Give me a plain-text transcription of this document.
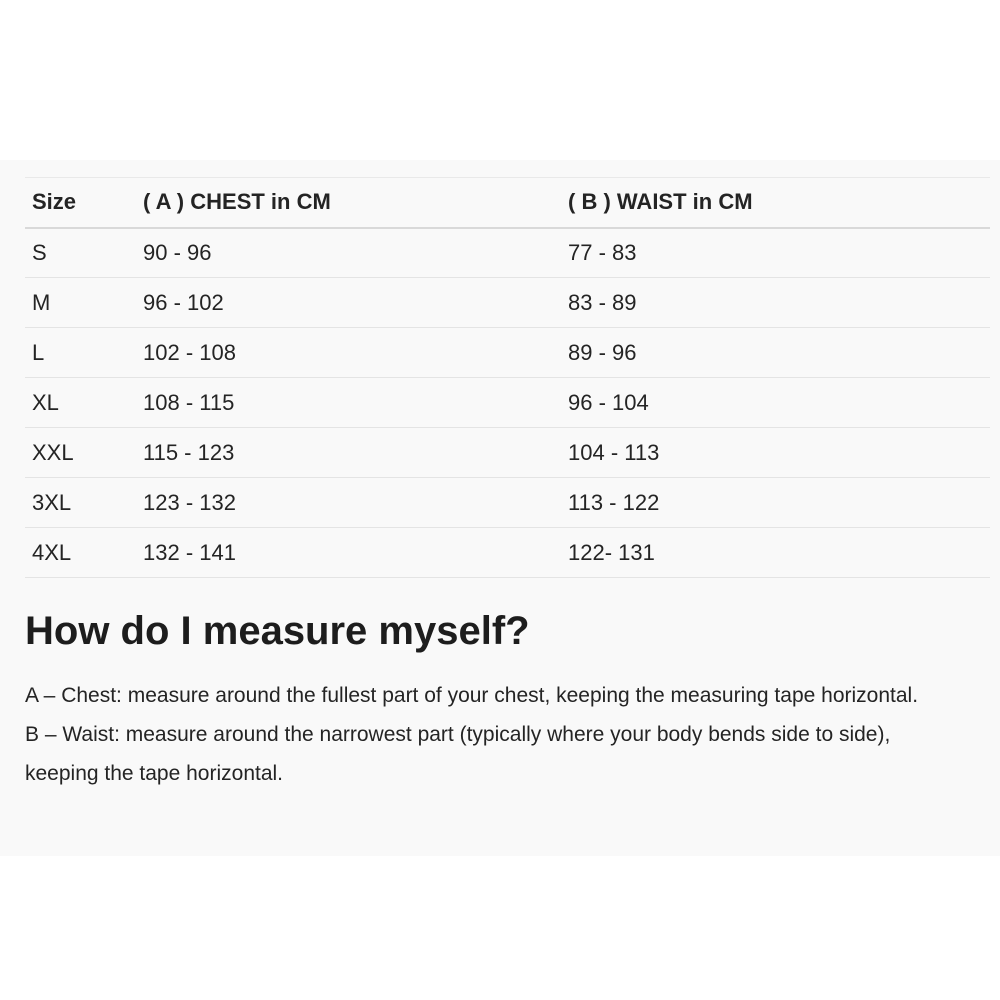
Size	( A ) CHEST in CM	( B ) WAIST in CM
S	90 - 96	77 - 83
M	96 - 102	83 - 89
L	102 - 108	89 - 96
XL	108 - 115	96 - 104
XXL	115 - 123	104 - 113
3XL	123 - 132	113 - 122
4XL	132 - 141	122- 131
How do I measure myself?

A – Chest: measure around the fullest part of your chest, keeping the measuring tape horizontal.

B – Waist: measure around the narrowest part (typically where your body bends side to side), keeping the tape horizontal.
